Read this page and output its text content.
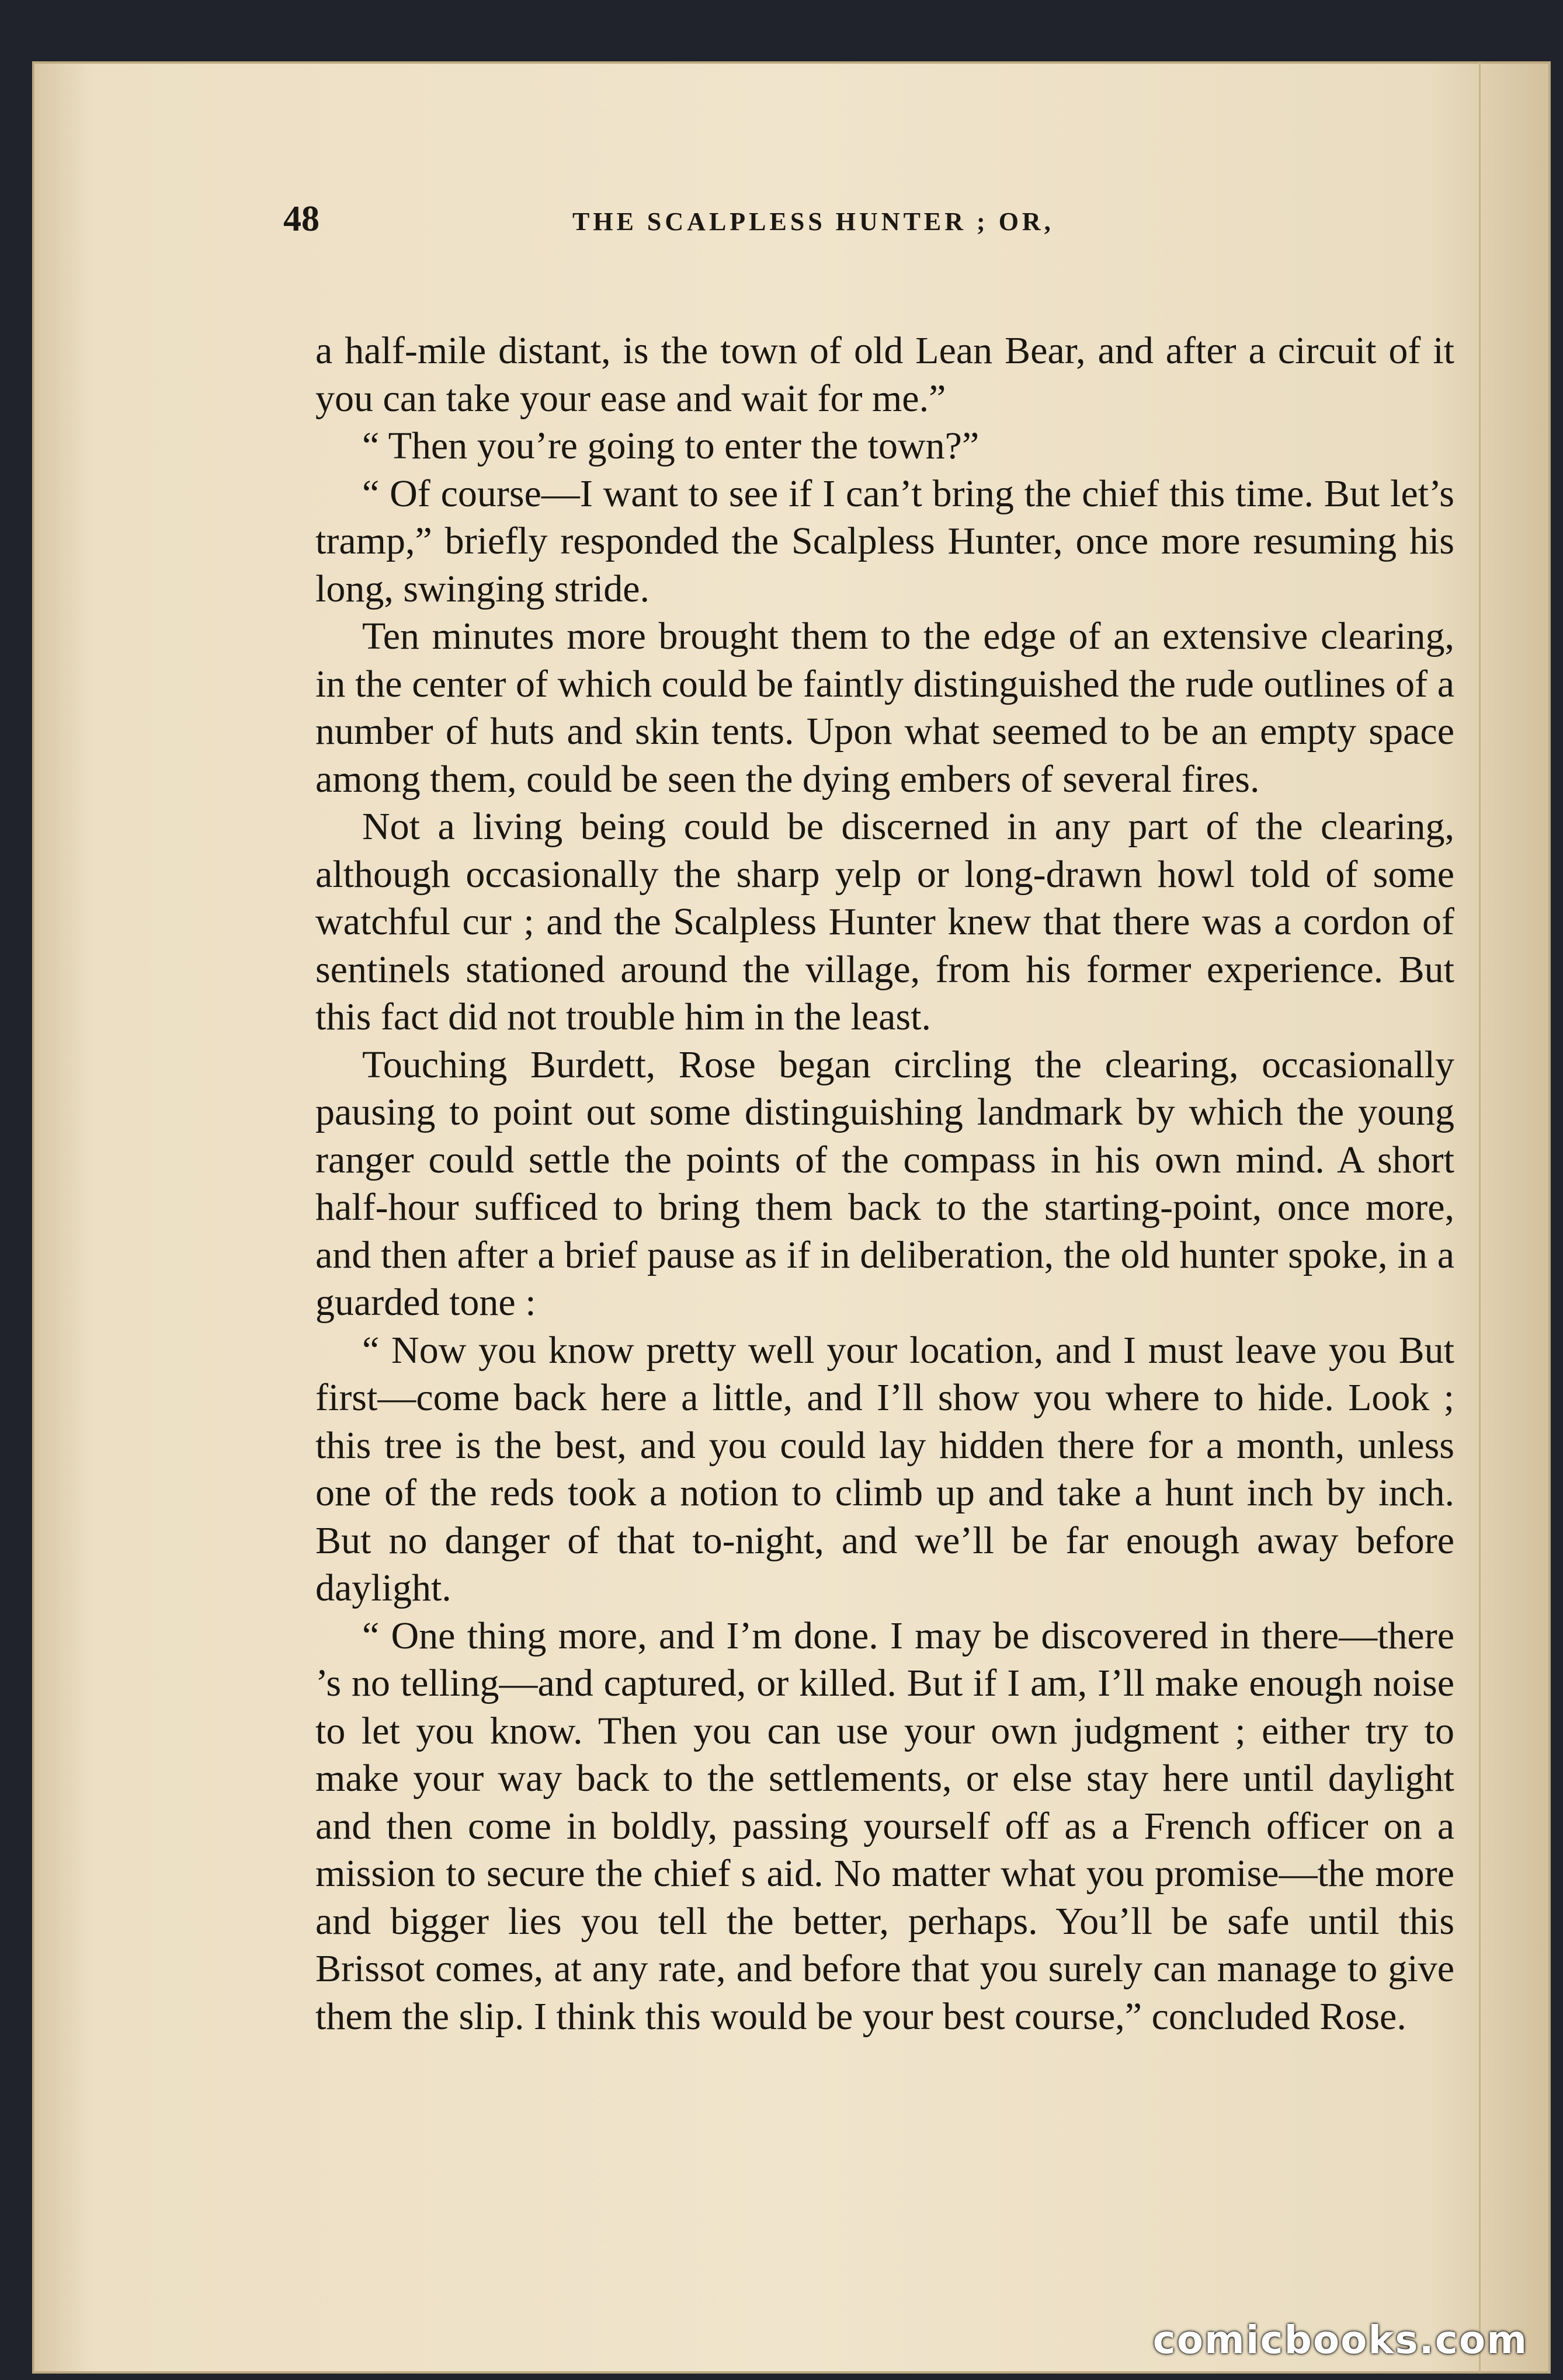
48	THE SCALPLESS HUNTER ; OR,

a half-mile distant, is the town of old Lean Bear, and after a circuit of it you can take your ease and wait for me.”

“ Then you’re going to enter the town?”

“ Of course—I want to see if I can’t bring the chief this time. But let’s tramp,” briefly responded the Scalpless Hunter, once more resuming his long, swinging stride.

Ten minutes more brought them to the edge of an extensive clearing, in the center of which could be faintly distinguished the rude outlines of a number of huts and skin tents. Upon what seemed to be an empty space among them, could be seen the dying embers of several fires.

Not a living being could be discerned in any part of the clearing, although occasionally the sharp yelp or long-drawn howl told of some watchful cur ; and the Scalpless Hunter knew that there was a cordon of sentinels stationed around the village, from his former experience. But this fact did not trouble him in the least.

Touching Burdett, Rose began circling the clearing, occasionally pausing to point out some distinguishing landmark by which the young ranger could settle the points of the compass in his own mind. A short half-hour sufficed to bring them back to the starting-point, once more, and then after a brief pause as if in deliberation, the old hunter spoke, in a guarded tone :

“ Now you know pretty well your location, and I must leave you But first—come back here a little, and I’ll show you where to hide. Look ; this tree is the best, and you could lay hidden there for a month, unless one of the reds took a notion to climb up and take a hunt inch by inch. But no danger of that to-night, and we’ll be far enough away before daylight.

“ One thing more, and I’m done. I may be discovered in there—there ’s no telling—and captured, or killed. But if I am, I’ll make enough noise to let you know. Then you can use your own judgment ; either try to make your way back to the settlements, or else stay here until daylight and then come in boldly, passing yourself off as a French officer on a mission to secure the chief s aid. No matter what you promise—the more and bigger lies you tell the better, perhaps. You’ll be safe until this Brissot comes, at any rate, and before that you surely can manage to give them the slip. I think this would be your best course,” concluded Rose.

comicbooks.com
